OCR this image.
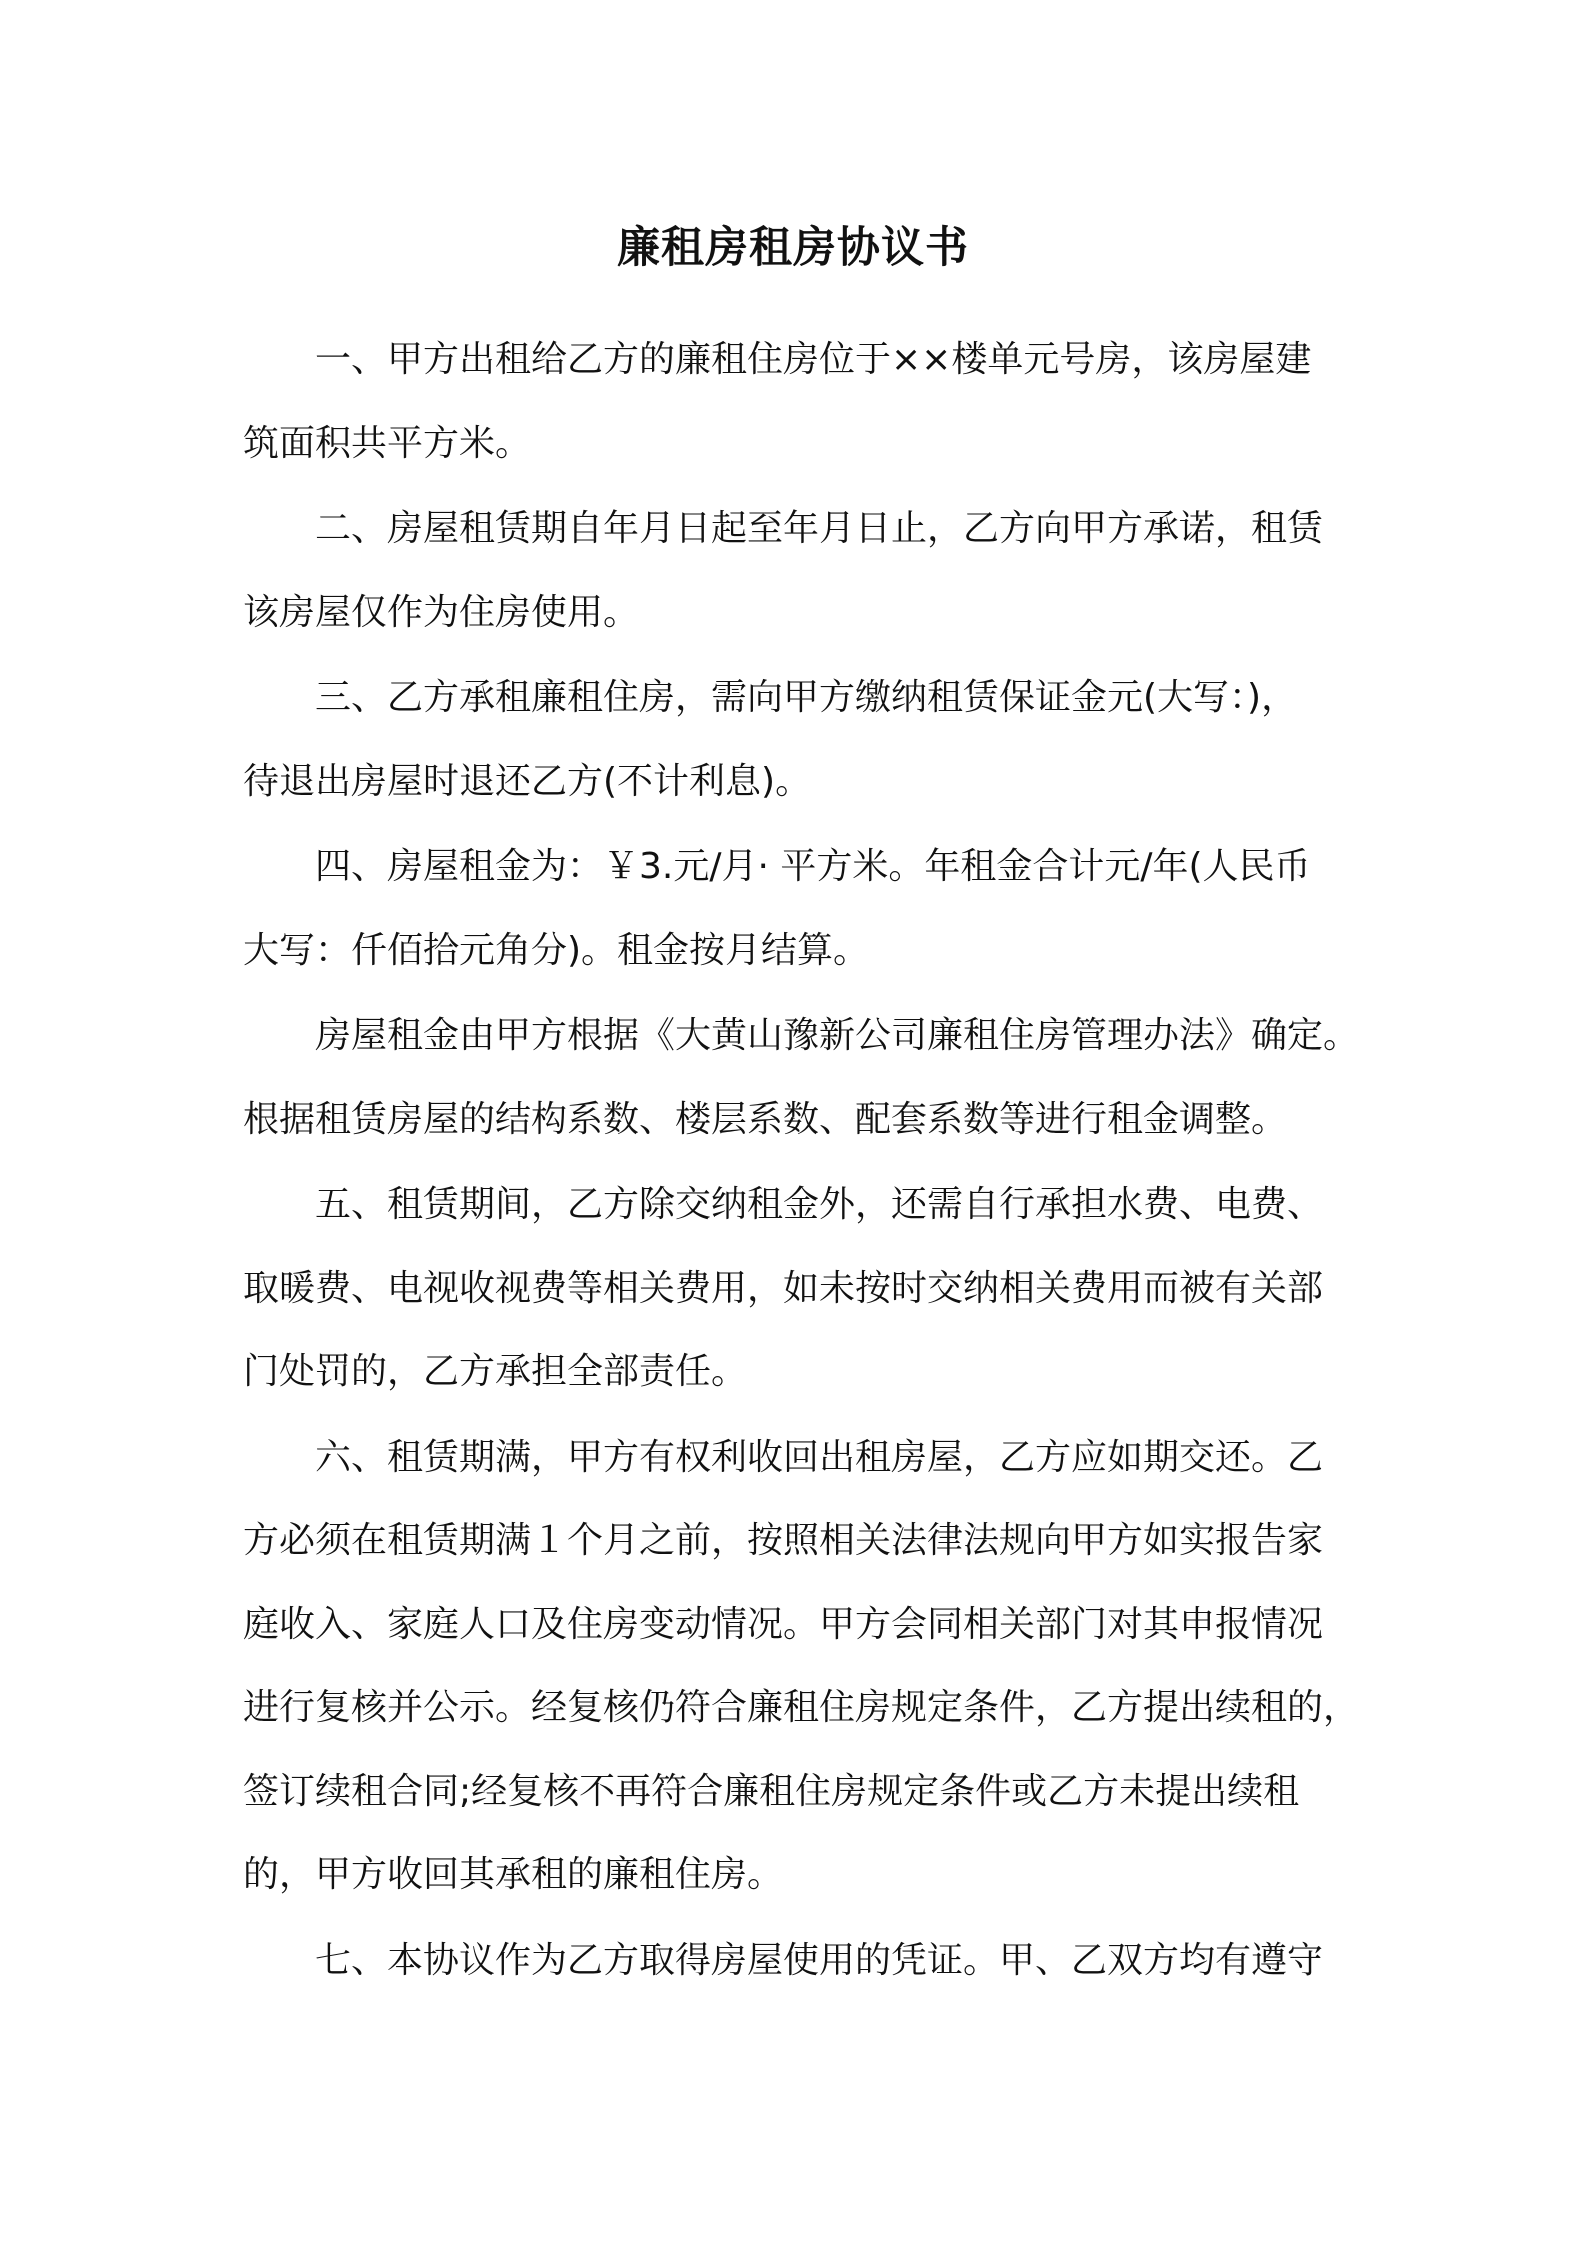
廉租房租房协议书
一、甲方出租给乙方的廉租住房位于××楼单元号房，该房屋建
筑面积共平方米。
二、房屋租赁期自年月日起至年月日止，乙方向甲方承诺，租赁
该房屋仅作为住房使用。
三、乙方承租廉租住房，需向甲方缴纳租赁保证金元(大写：)，
待退出房屋时退还乙方(不计利息)。
四、房屋租金为：￥3.元/月· 平方米。年租金合计元/年(人民币
大写：仟佰拾元角分)。租金按月结算。
房屋租金由甲方根据《大黄山豫新公司廉租住房管理办法》确定。
根据租赁房屋的结构系数、楼层系数、配套系数等进行租金调整。
五、租赁期间，乙方除交纳租金外，还需自行承担水费、电费、
取暖费、电视收视费等相关费用，如未按时交纳相关费用而被有关部
门处罚的，乙方承担全部责任。
六、租赁期满，甲方有权利收回出租房屋，乙方应如期交还。乙
方必须在租赁期满１个月之前，按照相关法律法规向甲方如实报告家
庭收入、家庭人口及住房变动情况。甲方会同相关部门对其申报情况
进行复核并公示。经复核仍符合廉租住房规定条件，乙方提出续租的，
签订续租合同;经复核不再符合廉租住房规定条件或乙方未提出续租
的，甲方收回其承租的廉租住房。
七、本协议作为乙方取得房屋使用的凭证。甲、乙双方均有遵守
